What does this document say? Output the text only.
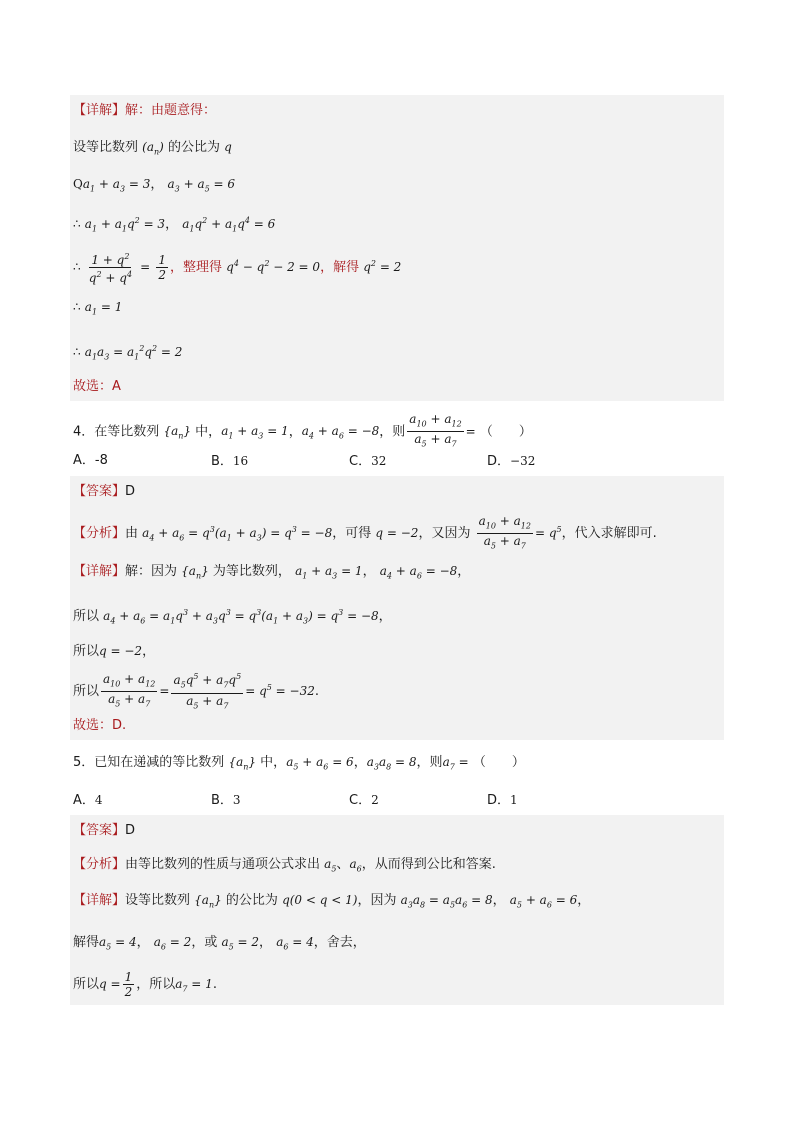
【详解】解：由题意得：
设等比数列 $(a_n)$ 的公比为 q
$Qa_1 + a_3 = 3$， $a_3 + a_5 = 6$
∴ $a_1 + a_1q^2 = 3$， $a_1q^2 + a_1q^4 = 6$
∴ $\frac{1 + q^2}{q^2 + q^4} = \frac{1}{2}$ ，整理得 $q^4 - q^2 - 2 = 0$，解得 $q^2 = 2$
∴ $a_1 = 1$
∴ $a_1a_3 = a_1^2q^2 = 2$
故选：A
4．在等比数列 $\{a_n\}$ 中，$a_1 + a_3 = 1$，$a_4 + a_6 = -8$，则 $\frac{a_{10} + a_{12}}{a_5 + a_7}$ = （　　）
A．-8	B．16	C．32	D．−32
【答案】D
【分析】由 $a_4 + a_6 = q^3(a_1 + a_3) = q^3 = -8$，可得 q = −2，又因为 $\frac{a_{10} + a_{12}}{a_5 + a_7} = q^5$，代入求解即可.
【详解】解：因为 $\{a_n\}$ 为等比数列， $a_1 + a_3 = 1$， $a_4 + a_6 = -8$，
所以 $a_4 + a_6 = a_1q^3 + a_3q^3 = q^3(a_1 + a_3) = q^3 = -8$，
所以q = −2，
所以 $\frac{a_{10} + a_{12}}{a_5 + a_7} = \frac{a_5q^5 + a_7q^5}{a_5 + a_7} = q^5 = -32$.
故选：D.
5．已知在递减的等比数列 $\{a_n\}$ 中，$a_5 + a_6 = 6$，$a_3a_8 = 8$，则$a_7$ = （　　）
A．4	B．3	C．2	D．1
【答案】D
【分析】由等比数列的性质与通项公式求出 $a_5$、$a_6$，从而得到公比和答案.
【详解】设等比数列 $\{a_n\}$ 的公比为 q(0 < q < 1)，因为 $a_3a_8 = a_5a_6 = 8$， $a_5 + a_6 = 6$，
解得$a_5 = 4$， $a_6 = 2$，或 $a_5 = 2$， $a_6 = 4$，舍去，
所以$q = \frac{1}{2}$ ，所以$a_7 = 1$.
